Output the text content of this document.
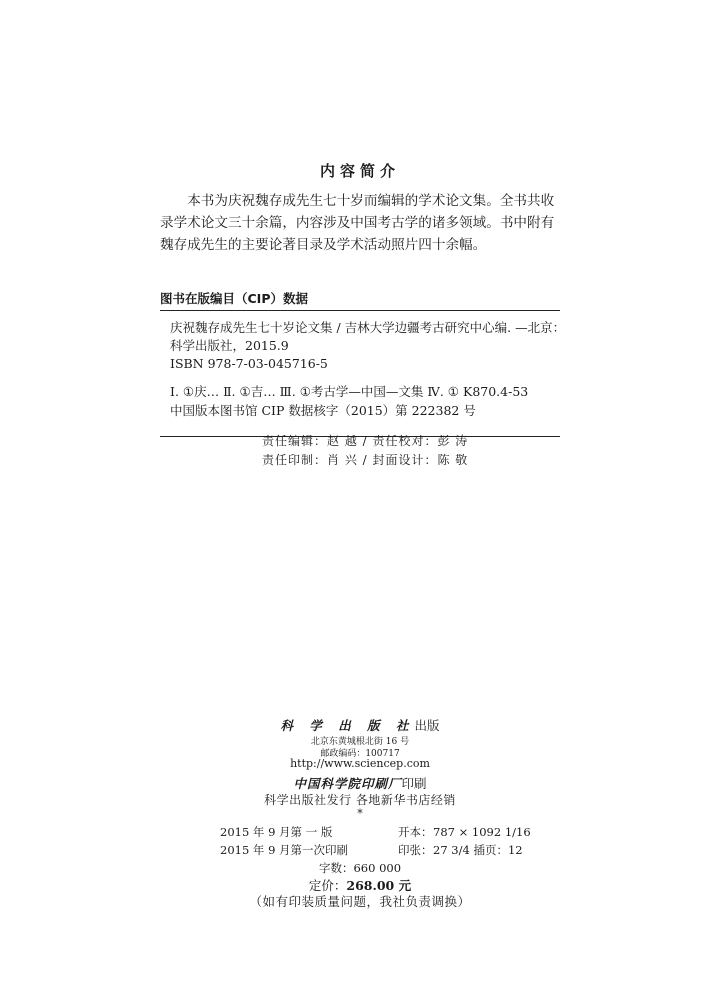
内容简介

本书为庆祝魏存成先生七十岁而编辑的学术论文集。全书共收录学术论文三十余篇，内容涉及中国考古学的诸多领域。书中附有魏存成先生的主要论著目录及学术活动照片四十余幅。

图书在版编目（CIP）数据
庆祝魏存成先生七十岁论文集 / 吉林大学边疆考古研究中心编. —北京：
科学出版社，2015.9
ISBN 978-7-03-045716-5
Ⅰ. ①庆… Ⅱ. ①吉… Ⅲ. ①考古学—中国—文集 Ⅳ. ① K870.4-53
中国版本图书馆 CIP 数据核字（2015）第 222382 号
责任编辑：赵 越 / 责任校对：彭 涛
责任印制：肖 兴 / 封面设计：陈 敬
科 学 出 版 社出版
北京东黄城根北街 16 号
邮政编码：100717
http://www.sciencep.com
中国科学院印刷厂印刷
科学出版社发行 各地新华书店经销
*
2015 年 9 月第 一 版	开本：787 × 1092 1/16
2015 年 9 月第一次印刷	印张：27 3/4 插页：12
字数：660 000
定价：268.00 元
（如有印装质量问题，我社负责调换）
